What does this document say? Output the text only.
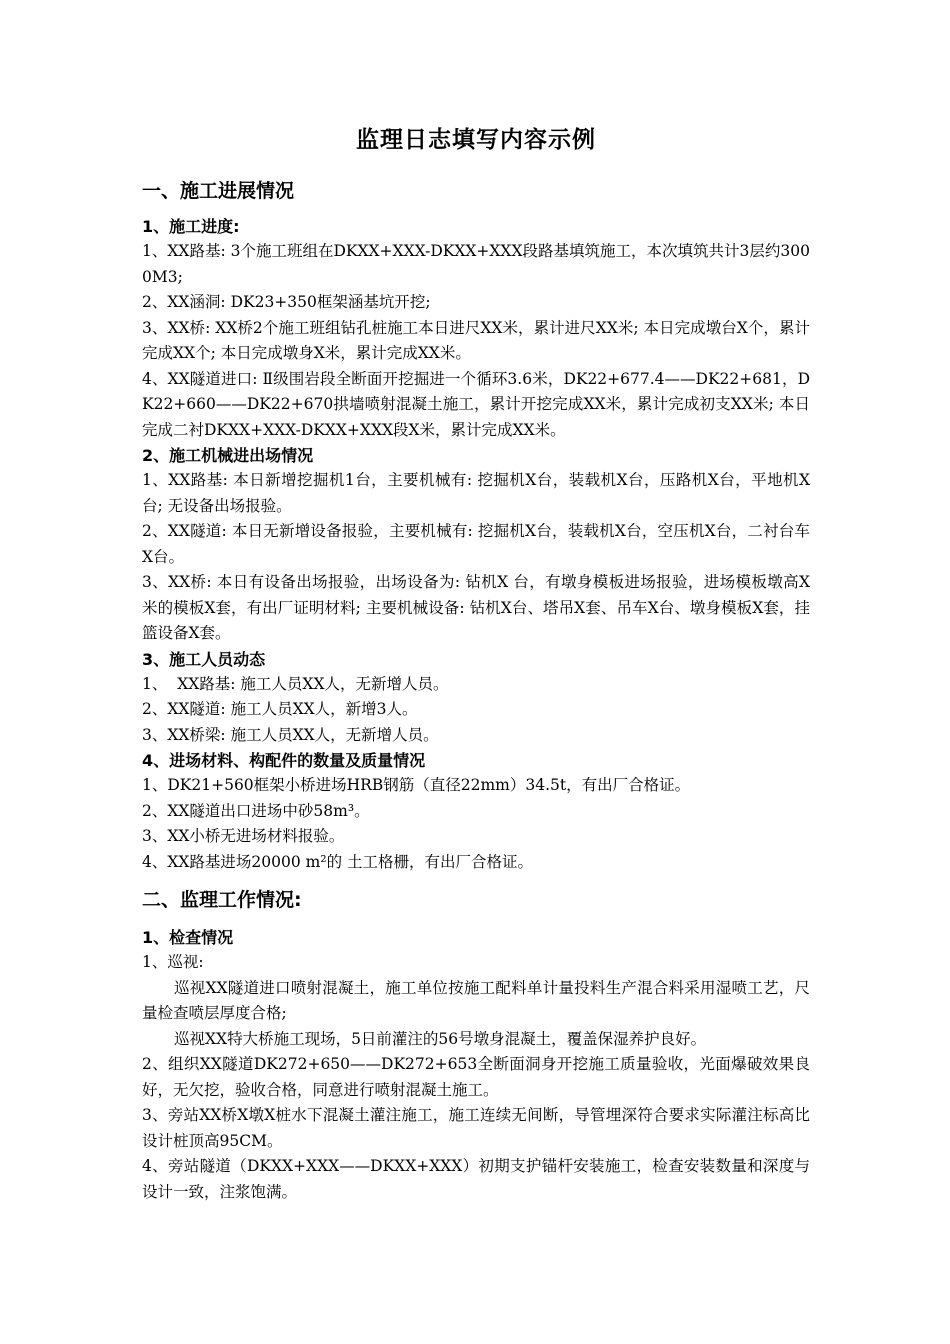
监理日志填写内容示例
一、施工进展情况
1、施工进度:

1、XX路基: 3个施工班组在DKXX+XXX-DKXX+XXX段路基填筑施工，本次填筑共计3层约3000M3;

2、XX涵洞: DK23+350框架涵基坑开挖;

3、XX桥: XX桥2个施工班组钻孔桩施工本日进尺XX米，累计进尺XX米; 本日完成墩台X个，累计完成XX个; 本日完成墩身X米，累计完成XX米。

4、XX隧道进口: Ⅱ级围岩段全断面开挖掘进一个循环3.6米，DK22+677.4——DK22+681，DK22+660——DK22+670拱墙喷射混凝土施工，累计开挖完成XX米，累计完成初支XX米; 本日完成二衬DKXX+XXX-DKXX+XXX段X米，累计完成XX米。

2、施工机械进出场情况

1、XX路基: 本日新增挖掘机1台，主要机械有: 挖掘机X台，装载机X台，压路机X台，平地机X 台; 无设备出场报验。

2、XX隧道: 本日无新增设备报验，主要机械有: 挖掘机X台，装载机X台，空压机X台，二衬台车X台。

3、XX桥: 本日有设备出场报验，出场设备为: 钻机X 台，有墩身模板进场报验，进场模板墩高X米的模板X套，有出厂证明材料; 主要机械设备: 钻机X台、塔吊X套、吊车X台、墩身模板X套，挂篮设备X套。

3、施工人员动态

1、  XX路基: 施工人员XX人，无新增人员。

2、XX隧道: 施工人员XX人，新增3人。

3、XX桥梁: 施工人员XX人，无新增人员。

4、进场材料、构配件的数量及质量情况

1、DK21+560框架小桥进场HRB钢筋（直径22mm）34.5t，有出厂合格证。

2、XX隧道出口进场中砂58m³。

3、XX小桥无进场材料报验。

4、XX路基进场20000 m²的 土工格栅，有出厂合格证。

二、监理工作情况:
1、检查情况

1、巡视:

巡视XX隧道进口喷射混凝土，施工单位按施工配料单计量投料生产混合料采用湿喷工艺，尺量检查喷层厚度合格;

巡视XX特大桥施工现场，5日前灌注的56号墩身混凝土，覆盖保湿养护良好。

2、组织XX隧道DK272+650——DK272+653全断面洞身开挖施工质量验收，光面爆破效果良好，无欠挖，验收合格，同意进行喷射混凝土施工。

3、旁站XX桥X墩X桩水下混凝土灌注施工，施工连续无间断，导管埋深符合要求实际灌注标高比设计桩顶高95CM。

4、旁站隧道（DKXX+XXX——DKXX+XXX）初期支护锚杆安装施工，检查安装数量和深度与设计一致，注浆饱满。
